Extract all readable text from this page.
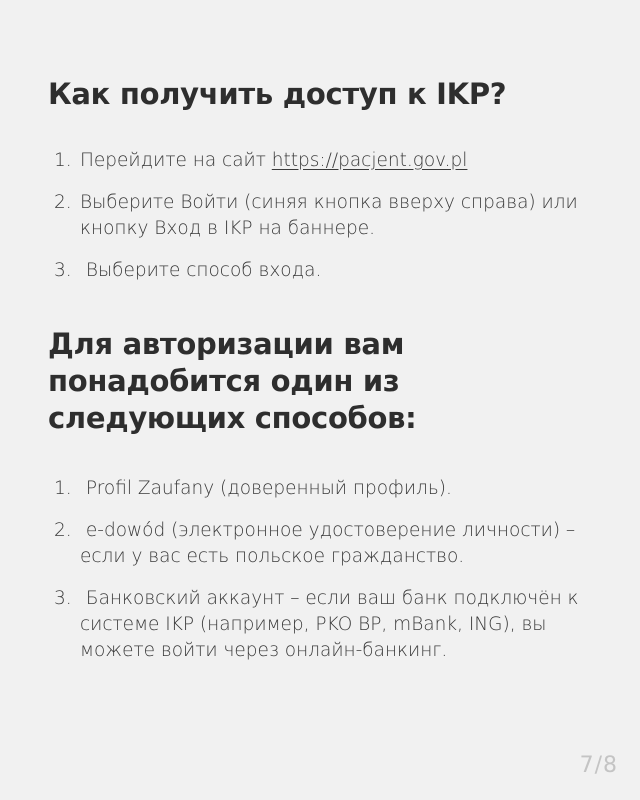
Как получить доступ к IKP?
1. Перейдите на сайт https://pacjent.gov.pl
2. Выберите Войти (синяя кнопка вверху справа) или кнопку Вход в IKP на баннере.
3. Выберите способ входа.
Для авторизации вам понадобится один из следующих способов:
1. Profil Zaufany (доверенный профиль).
2. e-dowód (электронное удостоверение личности) – если у вас есть польское гражданство.
3. Банковский аккаунт – если ваш банк подключён к системе IKP (например, PKO BP, mBank, ING), вы можете войти через онлайн-банкинг.
7/8
